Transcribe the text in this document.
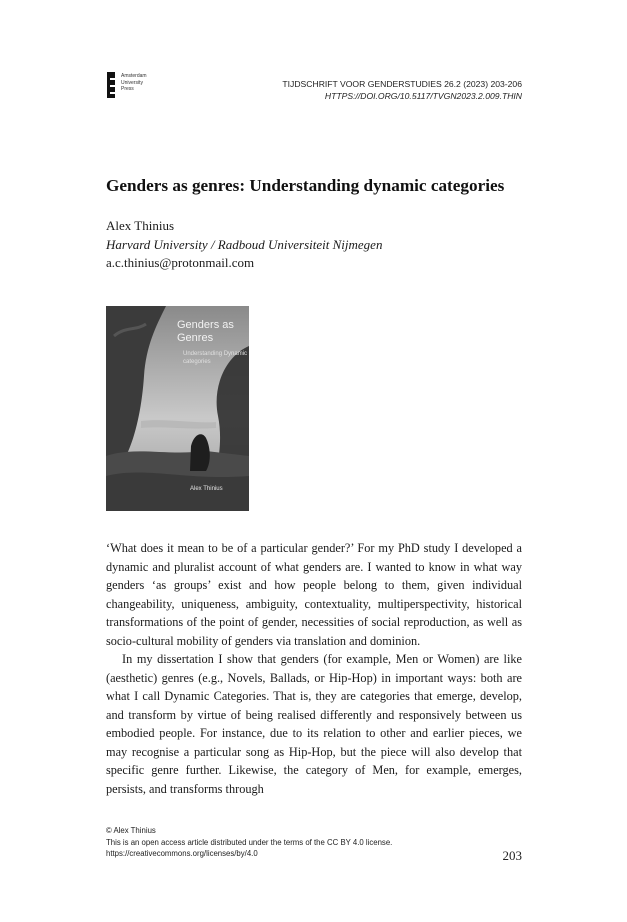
Amsterdam
University
Press	TIJDSCHRIFT VOOR GENDERSTUDIES 26.2 (2023) 203-206
HTTPS://DOI.ORG/10.5117/TVGN2023.2.009.THIN
Genders as genres: Understanding dynamic categories
Alex Thinius
Harvard University / Radboud Universiteit Nijmegen
a.c.thinius@protonmail.com
Genders as Genres
Understanding Dynamic categories
Alex Thinius

‘What does it mean to be of a particular gender?’ For my PhD study I developed a dynamic and pluralist account of what genders are. I wanted to know in what way genders ‘as groups’ exist and how people belong to them, given individual changeability, uniqueness, ambiguity, contextuality, multiperspectivity, historical transformations of the point of gender, necessities of social reproduction, as well as socio-cultural mobility of genders via translation and dominion.

In my dissertation I show that genders (for example, Men or Women) are like (aesthetic) genres (e.g., Novels, Ballads, or Hip-Hop) in important ways: both are what I call Dynamic Categories. That is, they are categories that emerge, develop, and transform by virtue of being realised differently and responsively between us embodied people. For instance, due to its relation to other and earlier pieces, we may recognise a particular song as Hip-Hop, but the piece will also develop that specific genre further. Likewise, the category of Men, for example, emerges, persists, and transforms through

© Alex Thinius
This is an open access article distributed under the terms of the CC BY 4.0 license.
https://creativecommons.org/licenses/by/4.0	203
